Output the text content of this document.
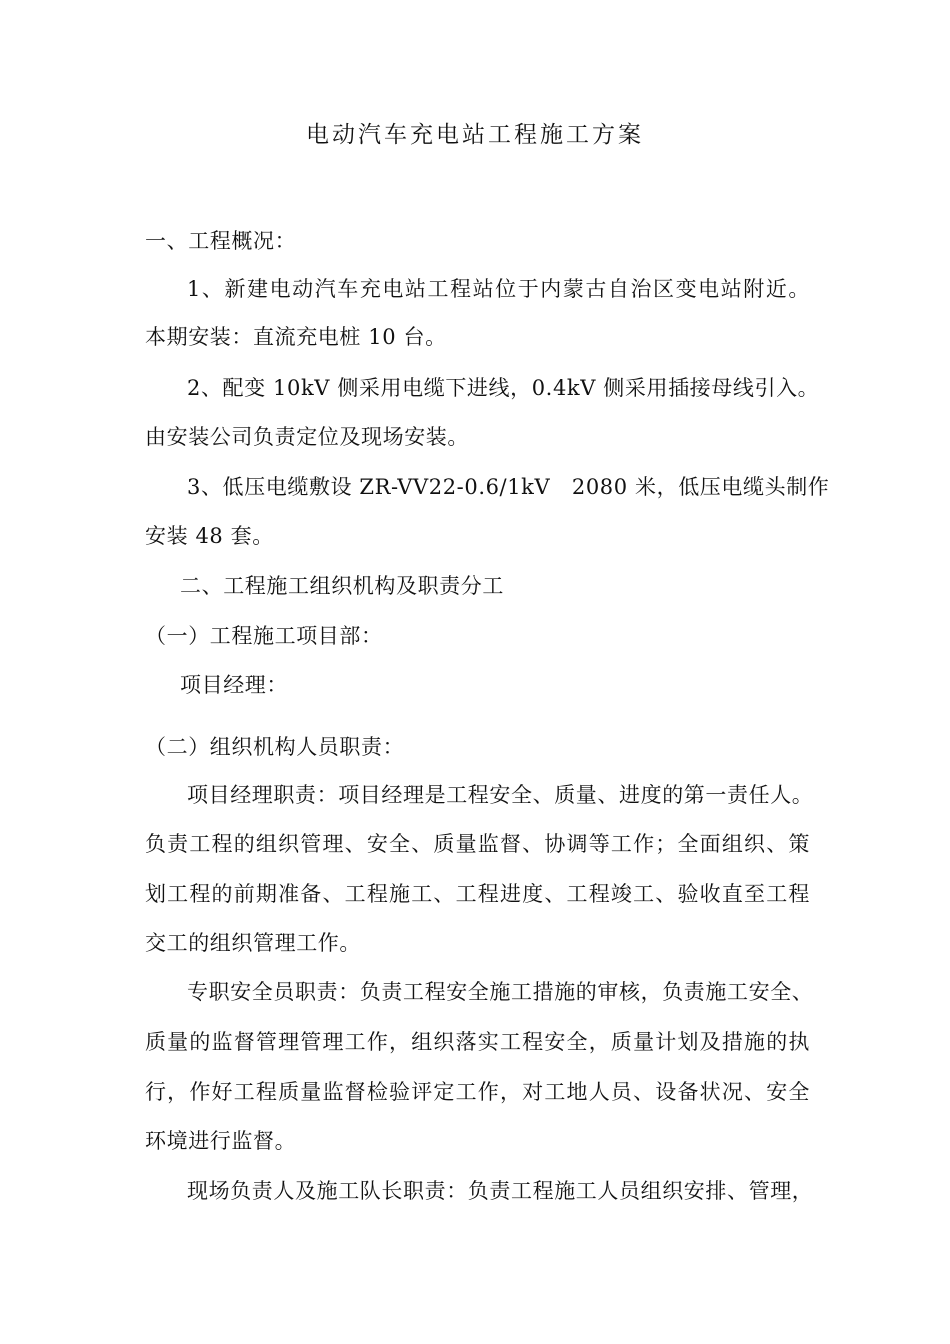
电动汽车充电站工程施工方案
一、工程概况：
1、新建电动汽车充电站工程站位于内蒙古自治区变电站附近。
本期安装：直流充电桩 10 台。
2、配变 10kV 侧采用电缆下进线，0.4kV 侧采用插接母线引入。
由安装公司负责定位及现场安装。
3、低压电缆敷设 ZR-VV22-0.6/1kV　2080 米，低压电缆头制作
安装 48 套。
二、工程施工组织机构及职责分工
（一）工程施工项目部：
项目经理：
（二）组织机构人员职责：
项目经理职责：项目经理是工程安全、质量、进度的第一责任人。
负责工程的组织管理、安全、质量监督、协调等工作；全面组织、策
划工程的前期准备、工程施工、工程进度、工程竣工、验收直至工程
交工的组织管理工作。
专职安全员职责：负责工程安全施工措施的审核，负责施工安全、
质量的监督管理管理工作，组织落实工程安全，质量计划及措施的执
行，作好工程质量监督检验评定工作，对工地人员、设备状况、安全
环境进行监督。
现场负责人及施工队长职责：负责工程施工人员组织安排、管理，
